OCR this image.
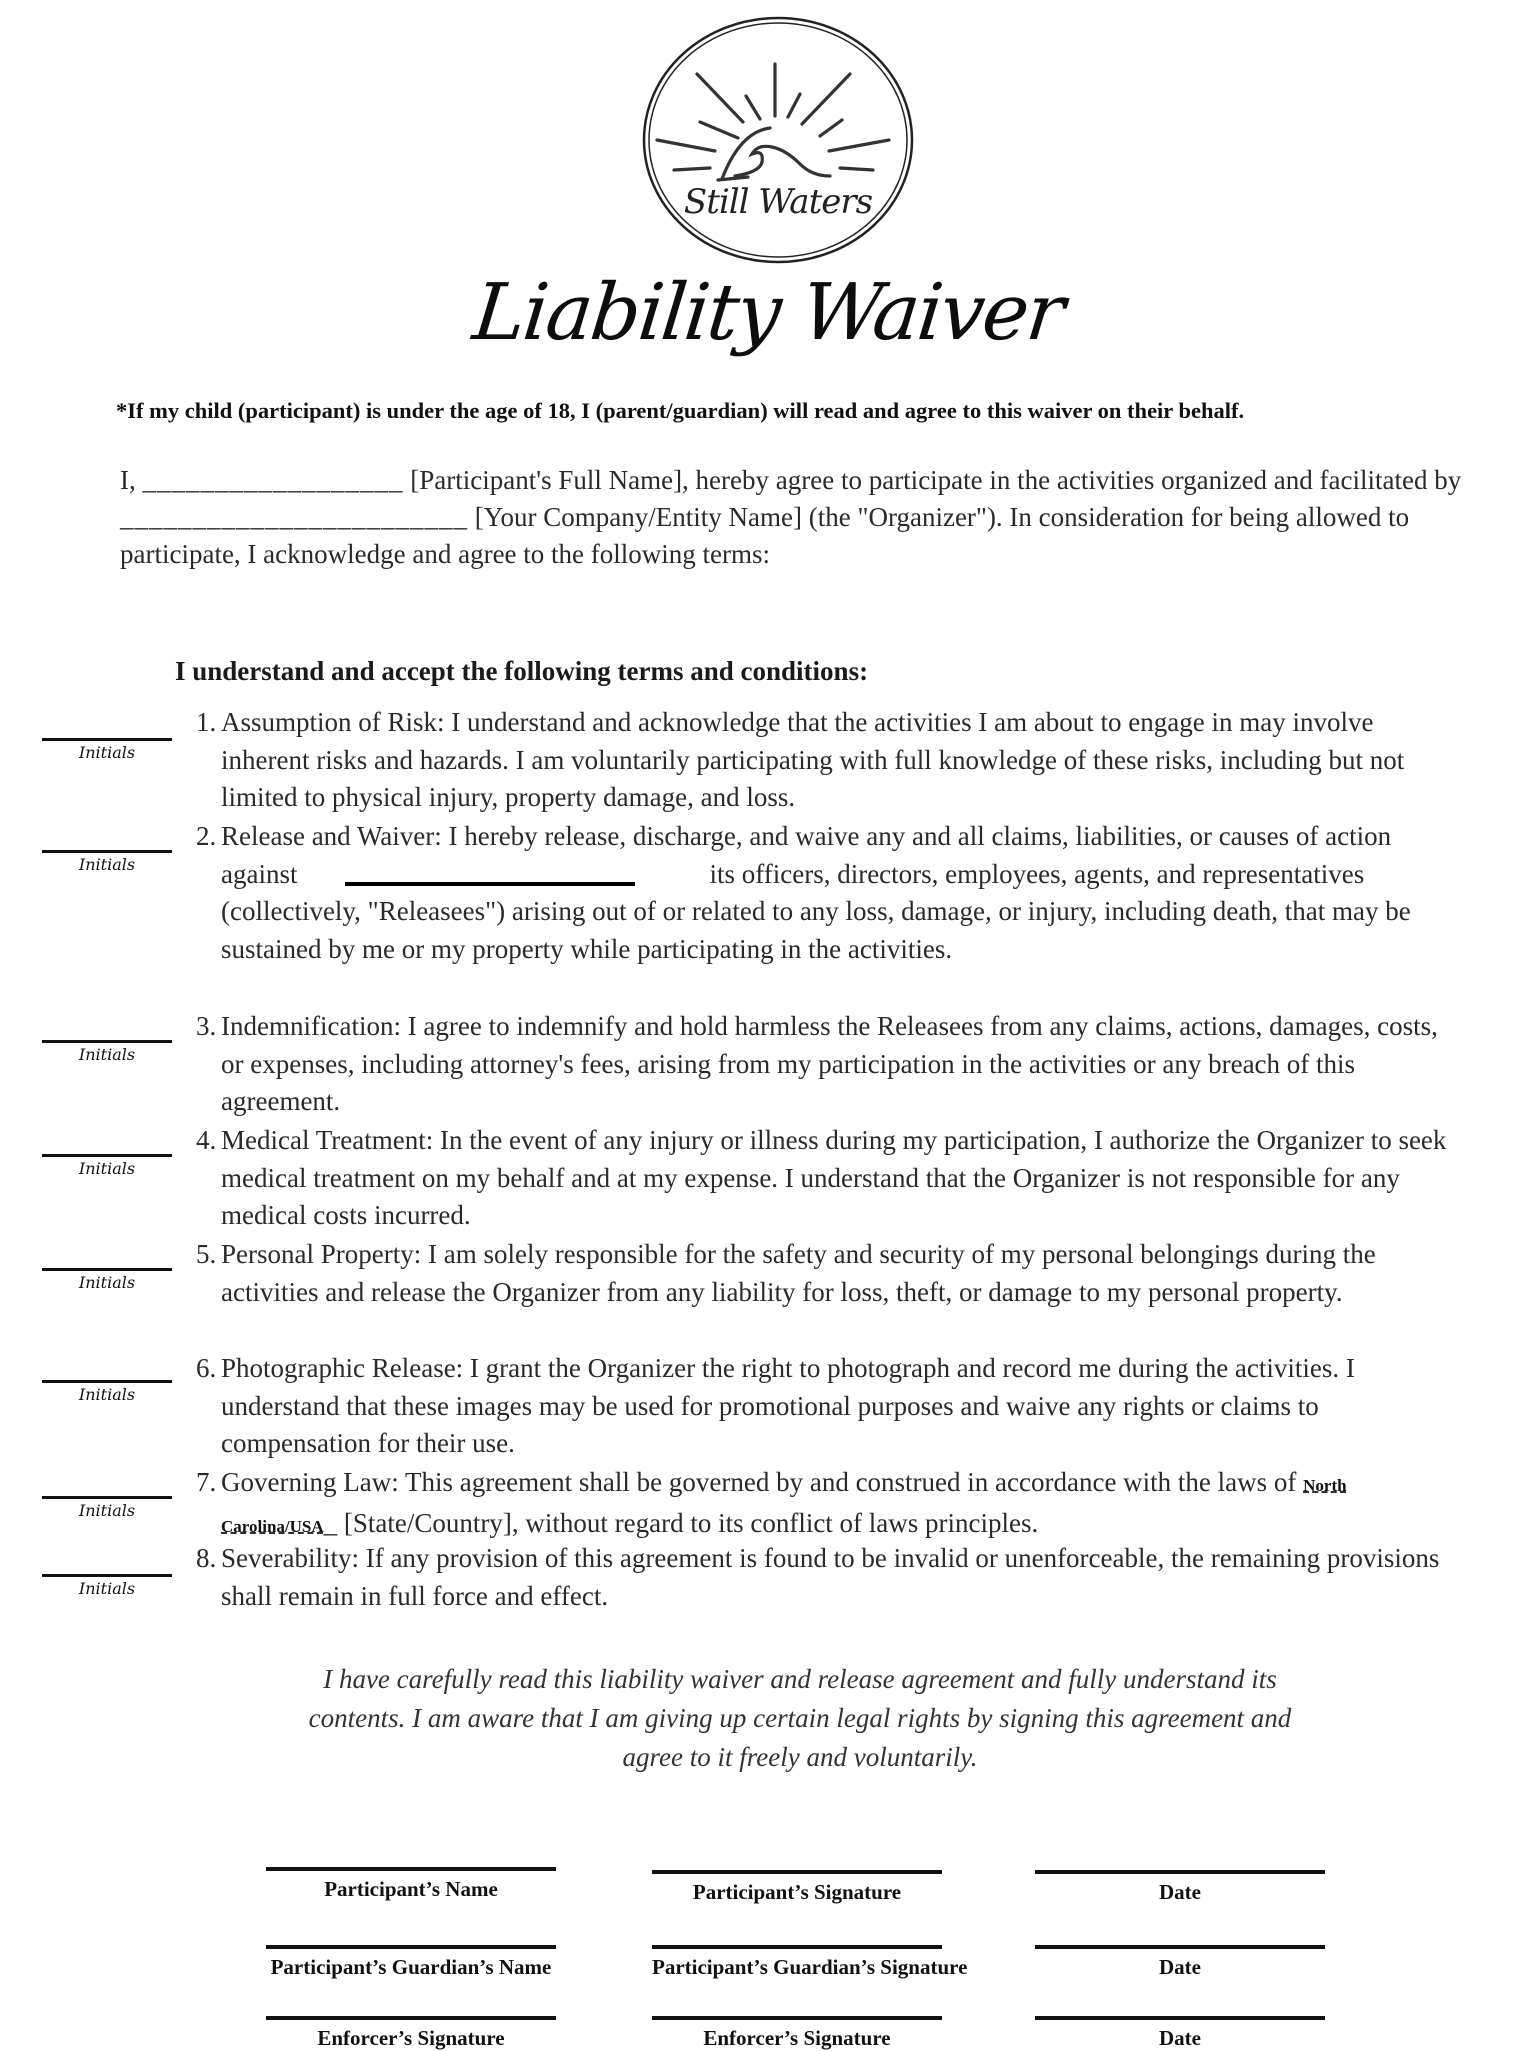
Still Waters
Liability Waiver
*If my child (participant) is under the age of 18, I (parent/guardian) will read and agree to this waiver on their behalf.
I, __________________ [Participant's Full Name], hereby agree to participate in the activities organized and facilitated by ________________________ [Your Company/Entity Name] (the "Organizer"). In consideration for being allowed to participate, I acknowledge and agree to the following terms:
I understand and accept the following terms and conditions:
Initials
1. Assumption of Risk: I understand and acknowledge that the activities I am about to engage in may involve inherent risks and hazards. I am voluntarily participating with full knowledge of these risks, including but not limited to physical injury, property damage, and loss.
Initials
2. Release and Waiver: I hereby release, discharge, and waive any and all claims, liabilities, or causes of action against	its officers, directors, employees, agents, and representatives (collectively, "Releasees") arising out of or related to any loss, damage, or injury, including death, that may be sustained by me or my property while participating in the activities.
Initials
3. Indemnification: I agree to indemnify and hold harmless the Releasees from any claims, actions, damages, costs, or expenses, including attorney's fees, arising from my participation in the activities or any breach of this agreement.
Initials
4. Medical Treatment: In the event of any injury or illness during my participation, I authorize the Organizer to seek medical treatment on my behalf and at my expense. I understand that the Organizer is not responsible for any medical costs incurred.
Initials
5. Personal Property: I am solely responsible for the safety and security of my personal belongings during the activities and release the Organizer from any liability for loss, theft, or damage to my personal property.
Initials
6. Photographic Release: I grant the Organizer the right to photograph and record me during the activities. I understand that these images may be used for promotional purposes and waive any rights or claims to compensation for their use.
Initials
7. Governing Law: This agreement shall be governed by and construed in accordance with the laws of North Carolina/USA_ [State/Country], without regard to its conflict of laws principles.
Initials
8. Severability: If any provision of this agreement is found to be invalid or unenforceable, the remaining provisions shall remain in full force and effect.
I have carefully read this liability waiver and release agreement and fully understand its contents. I am aware that I am giving up certain legal rights by signing this agreement and agree to it freely and voluntarily.
Participant’s Name	Participant’s Signature	Date
Participant’s Guardian’s Name	Participant’s Guardian’s Signature	Date
Enforcer’s Signature	Enforcer’s Signature	Date
